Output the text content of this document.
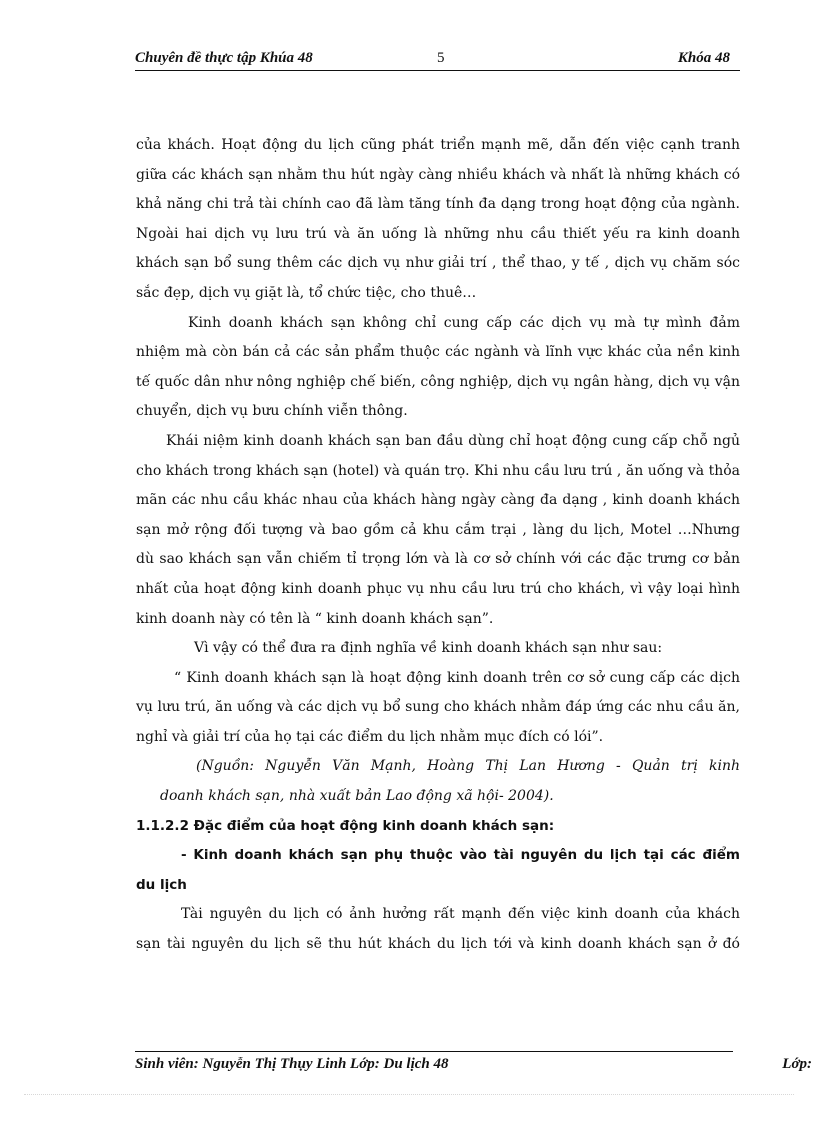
Chuyên đề thực tập Khúa 48	5	Khóa 48

của khách. Hoạt động du lịch cũng phát triển mạnh mẽ, dẫn đến việc cạnh tranh
giữa các khách sạn nhằm thu hút ngày càng nhiều khách và nhất là những khách có
khả năng chi trả tài chính cao đã làm tăng tính đa dạng trong hoạt động của ngành.
Ngoài hai dịch vụ lưu trú và ăn uống là những nhu cầu thiết yếu ra kinh doanh
khách sạn bổ sung thêm các dịch vụ như giải trí , thể thao, y tế , dịch vụ chăm sóc
sắc đẹp, dịch vụ giặt là, tổ chức tiệc, cho thuê…

Kinh doanh khách sạn không chỉ cung cấp các dịch vụ mà tự mình đảm
nhiệm mà còn bán cả các sản phẩm thuộc các ngành và lĩnh vực khác của nền kinh
tế quốc dân như nông nghiệp chế biến, công nghiệp, dịch vụ ngân hàng, dịch vụ vận
chuyển, dịch vụ bưu chính viễn thông.

Khái niệm kinh doanh khách sạn ban đầu dùng chỉ hoạt động cung cấp chỗ ngủ
cho khách trong khách sạn (hotel) và quán trọ. Khi nhu cầu lưu trú , ăn uống và thỏa
mãn các nhu cầu khác nhau của khách hàng ngày càng đa dạng , kinh doanh khách
sạn mở rộng đối tượng và bao gồm cả khu cắm trại , làng du lịch, Motel …Nhưng
dù sao khách sạn vẫn chiếm tỉ trọng lớn và là cơ sở chính với các đặc trưng cơ bản
nhất của hoạt động kinh doanh phục vụ nhu cầu lưu trú cho khách, vì vậy loại hình
kinh doanh này có tên là “ kinh doanh khách sạn”.

Vì vậy có thể đưa ra định nghĩa về kinh doanh khách sạn như sau:

“ Kinh doanh khách sạn là hoạt động kinh doanh trên cơ sở cung cấp các dịch
vụ lưu trú, ăn uống và các dịch vụ bổ sung cho khách nhằm đáp ứng các nhu cầu ăn,
nghỉ và giải trí của họ tại các điểm du lịch nhằm mục đích có lói”.

(Nguồn: Nguyễn Văn Mạnh, Hoàng Thị Lan Hương - Quản trị kinh
doanh khách sạn, nhà xuất bản Lao động xã hội- 2004).

1.1.2.2 Đặc điểm của hoạt động kinh doanh khách sạn:

- Kinh doanh khách sạn phụ thuộc vào tài nguyên du lịch tại các điểm
du lịch

Tài nguyên du lịch có ảnh hưởng rất mạnh đến việc kinh doanh của khách
sạn tài nguyên du lịch sẽ thu hút khách du lịch tới và kinh doanh khách sạn ở đó

Sinh viên: Nguyễn Thị Thụy Linh Lớp: Du lịch 48	Lớp:
